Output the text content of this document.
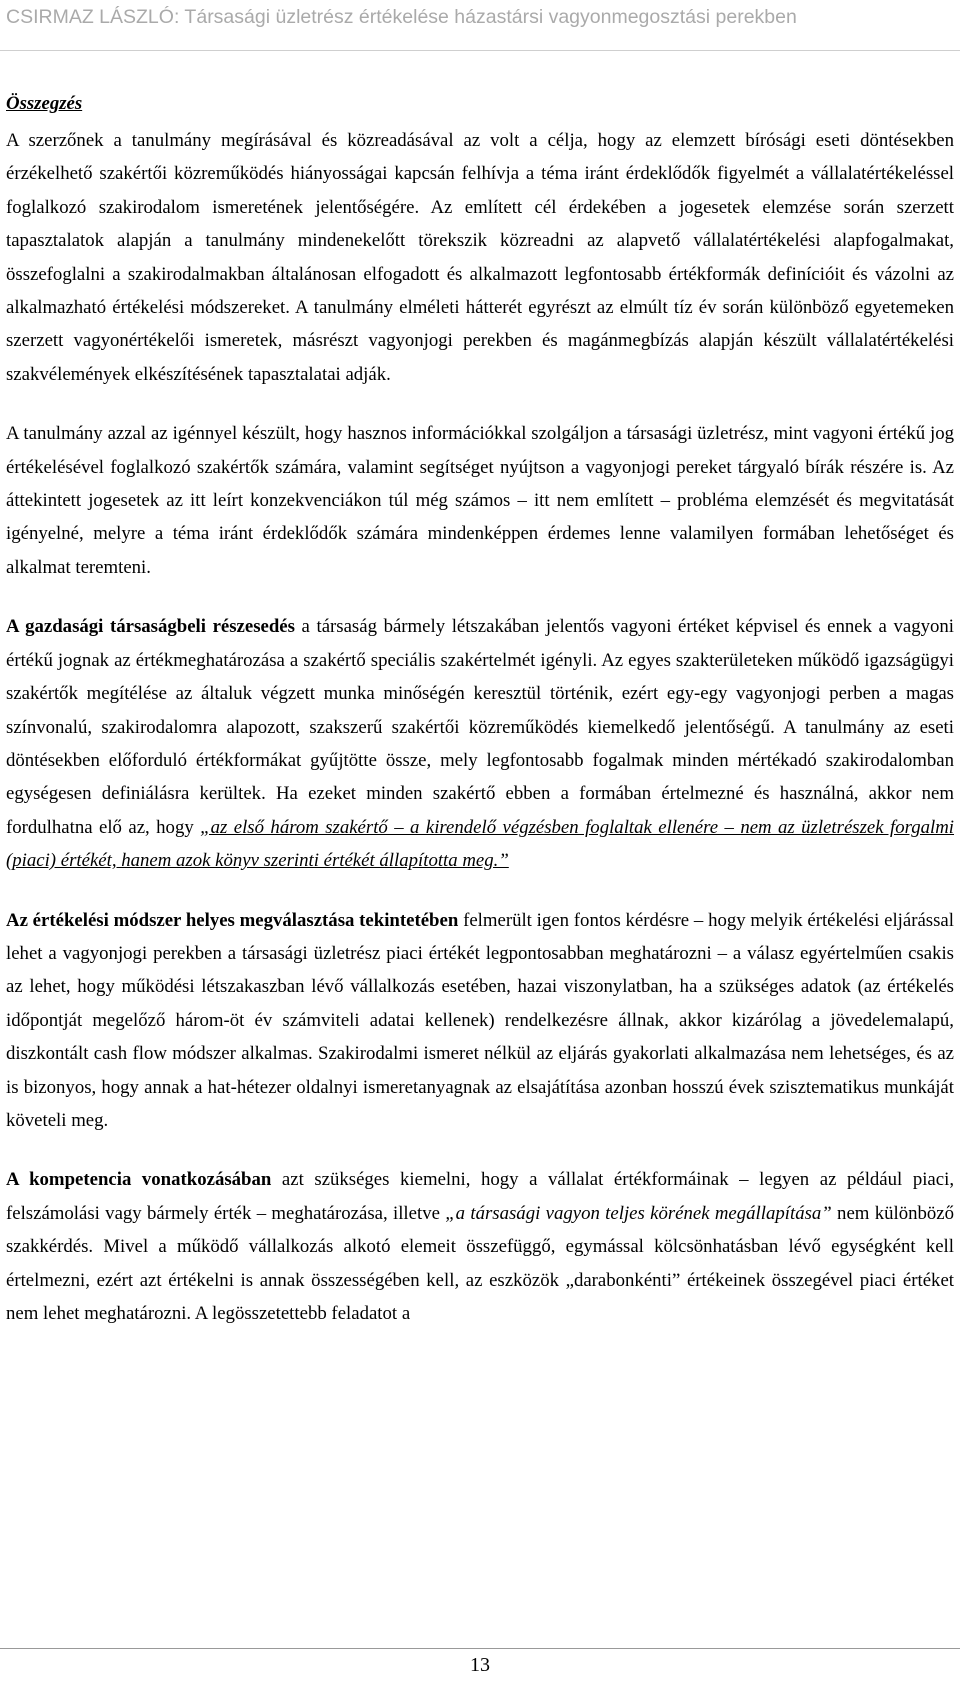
CSIRMAZ LÁSZLÓ: Társasági üzletrész értékelése házastársi vagyonmegosztási perekben
Összegzés

A szerzőnek a tanulmány megírásával és közreadásával az volt a célja, hogy az elemzett bírósági eseti döntésekben érzékelhető szakértői közreműködés hiányosságai kapcsán felhívja a téma iránt érdeklődők figyelmét a vállalatértékeléssel foglalkozó szakirodalom ismeretének jelentőségére. Az említett cél érdekében a jogesetek elemzése során szerzett tapasztalatok alapján a tanulmány mindenekelőtt törekszik közreadni az alapvető vállalatértékelési alapfogalmakat, összefoglalni a szakirodalmakban általánosan elfogadott és alkalmazott legfontosabb értékformák definícióit és vázolni az alkalmazható értékelési módszereket. A tanulmány elméleti hátterét egyrészt az elmúlt tíz év során különböző egyetemeken szerzett vagyonértékelői ismeretek, másrészt vagyonjogi perekben és magánmegbízás alapján készült vállalatértékelési szakvélemények elkészítésének tapasztalatai adják.

A tanulmány azzal az igénnyel készült, hogy hasznos információkkal szolgáljon a társasági üzletrész, mint vagyoni értékű jog értékelésével foglalkozó szakértők számára, valamint segítséget nyújtson a vagyonjogi pereket tárgyaló bírák részére is. Az áttekintett jogesetek az itt leírt konzekvenciákon túl még számos – itt nem említett – probléma elemzését és megvitatását igényelné, melyre a téma iránt érdeklődők számára mindenképpen érdemes lenne valamilyen formában lehetőséget és alkalmat teremteni.

A gazdasági társaságbeli részesedés a társaság bármely létszakában jelentős vagyoni értéket képvisel és ennek a vagyoni értékű jognak az értékmeghatározása a szakértő speciális szakértelmét igényli. Az egyes szakterületeken működő igazságügyi szakértők megítélése az általuk végzett munka minőségén keresztül történik, ezért egy-egy vagyonjogi perben a magas színvonalú, szakirodalomra alapozott, szakszerű szakértői közreműködés kiemelkedő jelentőségű. A tanulmány az eseti döntésekben előforduló értékformákat gyűjtötte össze, mely legfontosabb fogalmak minden mértékadó szakirodalomban egységesen definiálásra kerültek. Ha ezeket minden szakértő ebben a formában értelmezné és használná, akkor nem fordulhatna elő az, hogy „az első három szakértő – a kirendelő végzésben foglaltak ellenére – nem az üzletrészek forgalmi (piaci) értékét, hanem azok könyv szerinti értékét állapította meg.”

Az értékelési módszer helyes megválasztása tekintetében felmerült igen fontos kérdésre – hogy melyik értékelési eljárással lehet a vagyonjogi perekben a társasági üzletrész piaci értékét legpontosabban meghatározni – a válasz egyértelműen csakis az lehet, hogy működési létszakaszban lévő vállalkozás esetében, hazai viszonylatban, ha a szükséges adatok (az értékelés időpontját megelőző három-öt év számviteli adatai kellenek) rendelkezésre állnak, akkor kizárólag a jövedelemalapú, diszkontált cash flow módszer alkalmas. Szakirodalmi ismeret nélkül az eljárás gyakorlati alkalmazása nem lehetséges, és az is bizonyos, hogy annak a hat-hétezer oldalnyi ismeretanyagnak az elsajátítása azonban hosszú évek szisztematikus munkáját követeli meg.

A kompetencia vonatkozásában azt szükséges kiemelni, hogy a vállalat értékformáinak – legyen az például piaci, felszámolási vagy bármely érték – meghatározása, illetve „a társasági vagyon teljes körének megállapítása” nem különböző szakkérdés. Mivel a működő vállalkozás alkotó elemeit összefüggő, egymással kölcsönhatásban lévő egységként kell értelmezni, ezért azt értékelni is annak összességében kell, az eszközök „darabonkénti” értékeinek összegével piaci értéket nem lehet meghatározni. A legösszetettebb feladatot a

13
